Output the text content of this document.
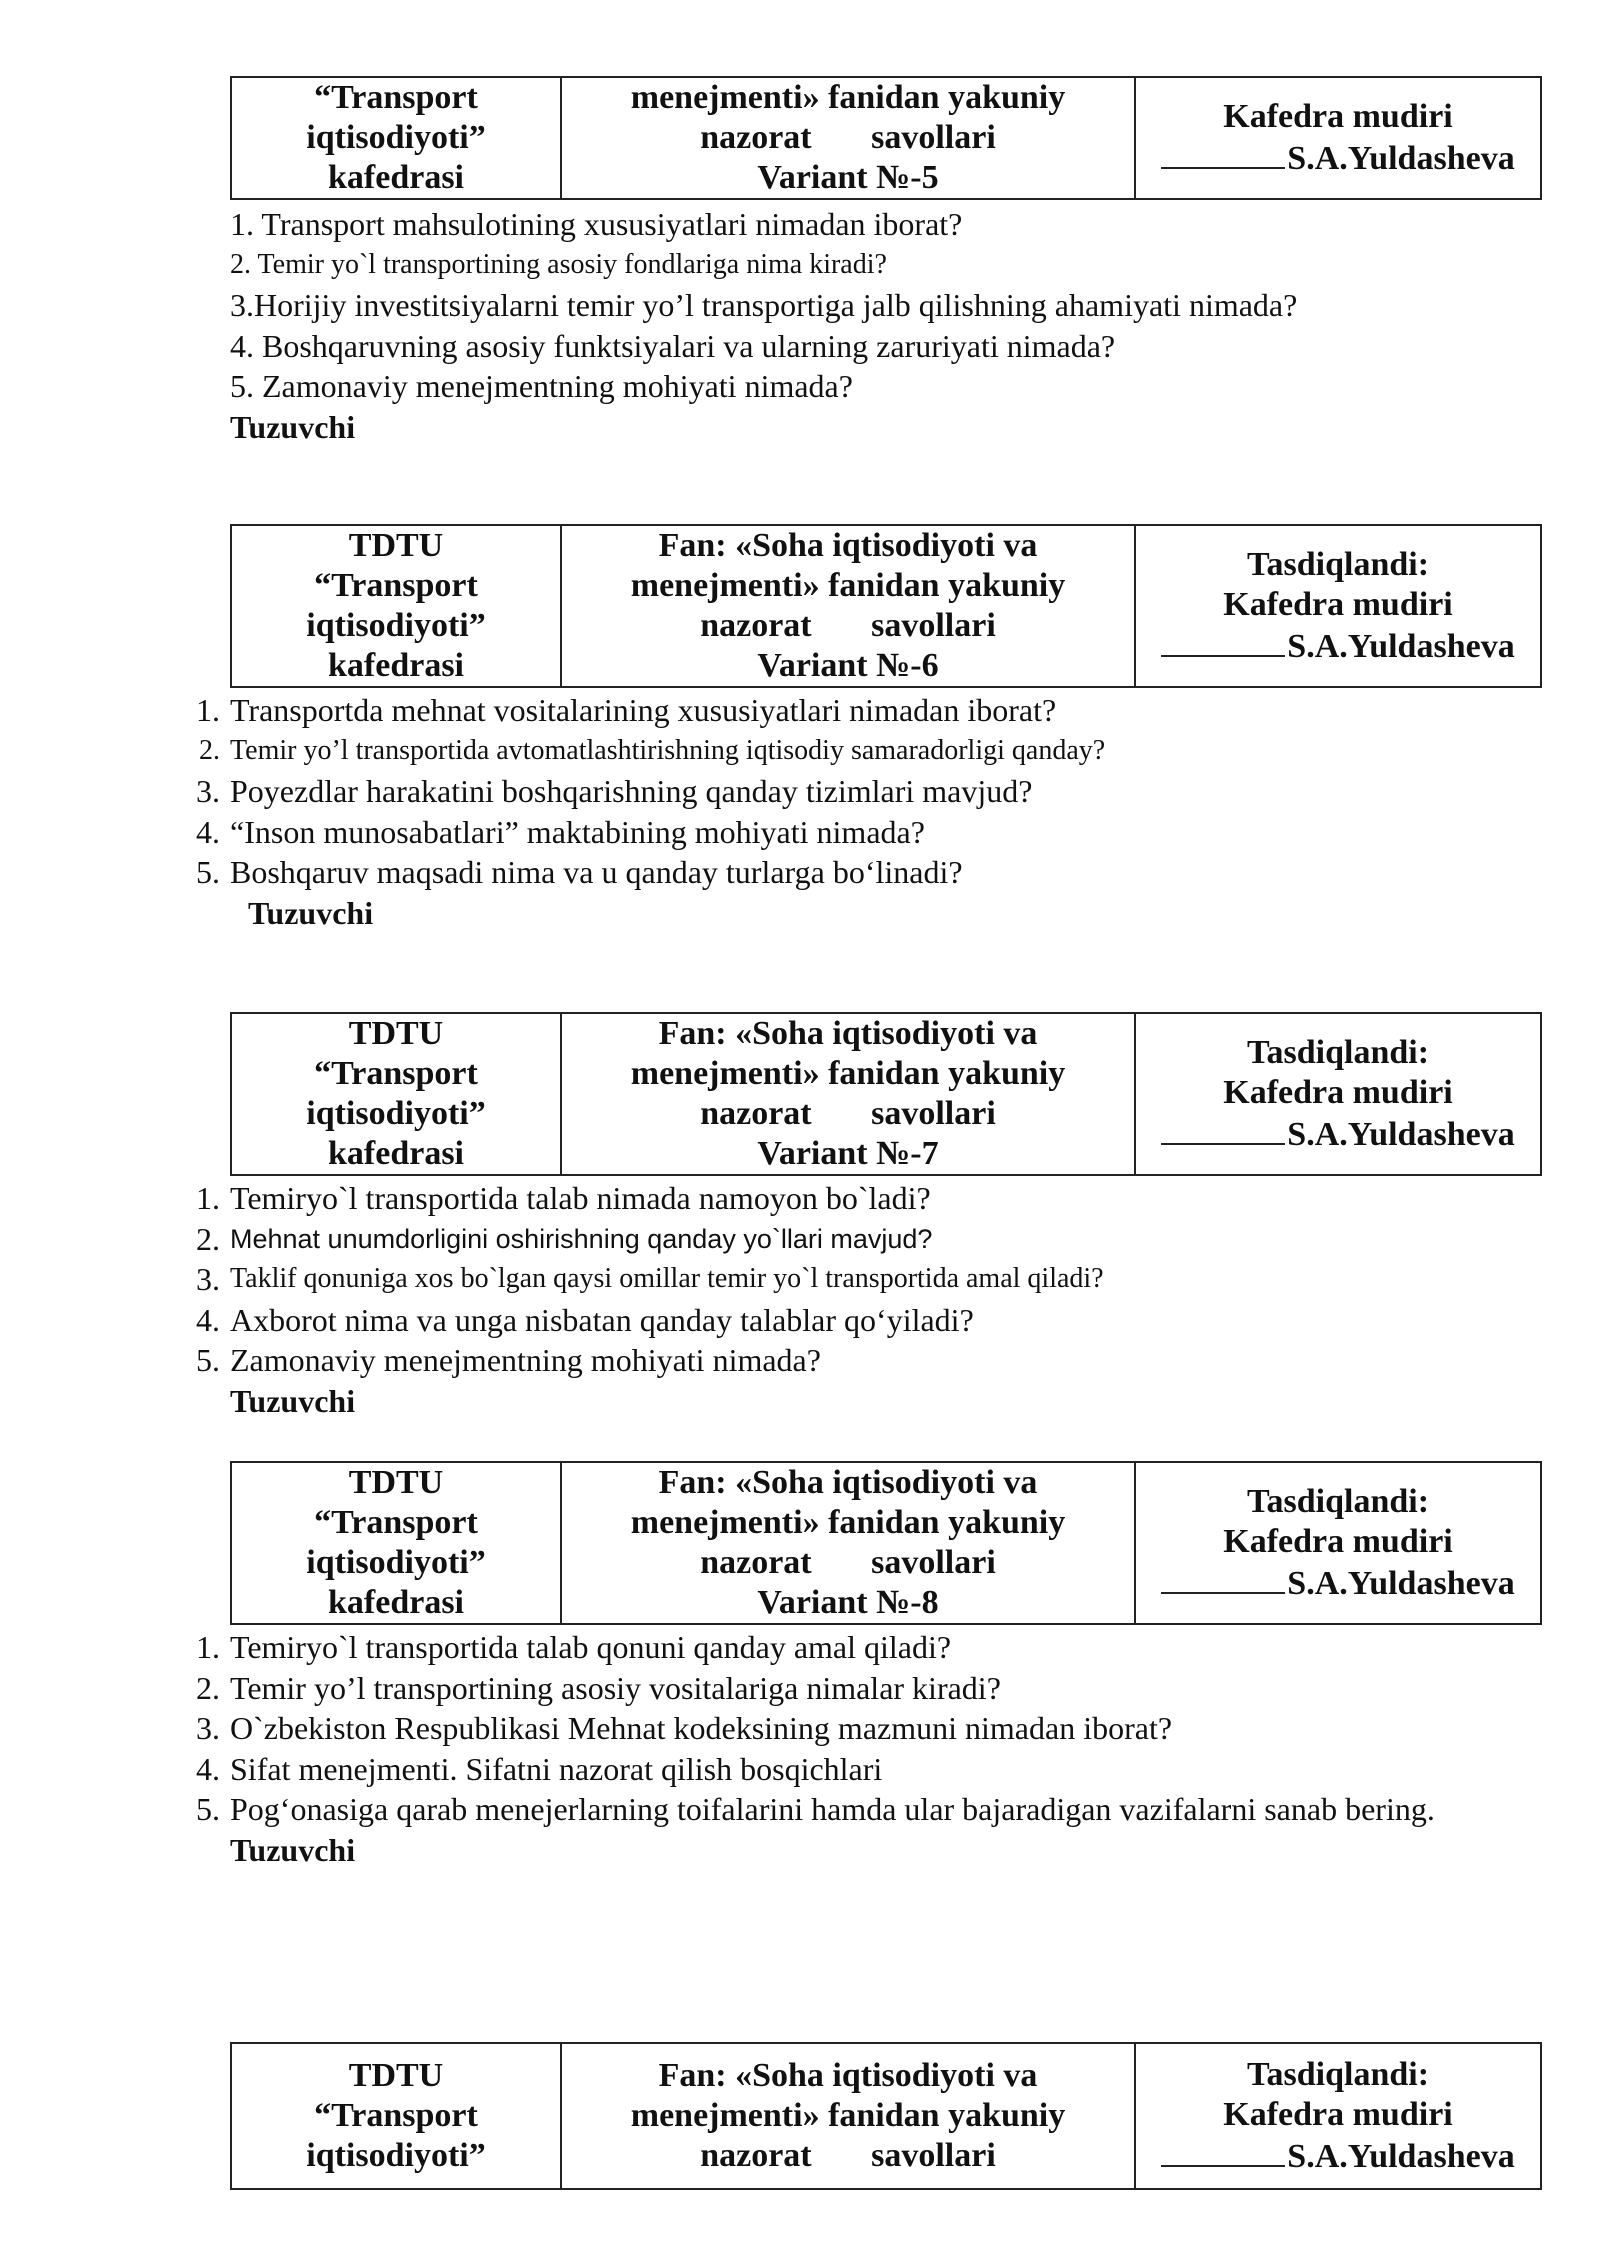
“Transport
iqtisodiyoti”
kafedrasi

menejmenti» fanidan yakuniy
nazorat       savollari
Variant №-5

Kafedra mudiri
S.A.Yuldasheva
1. Transport mahsulotining xususiyatlari nimadan iborat?
2. Temir yo`l transportining asosiy fondlariga nima kiradi?
3.Horijiy investitsiyalarni temir yo’l transportiga jalb qilishning ahamiyati nimada?
4. Boshqaruvning asosiy funktsiyalari va ularning zaruriyati nimada?
5. Zamonaviy menejmentning mohiyati nimada?
Tuzuvchi
TDTU
“Transport
iqtisodiyoti”
kafedrasi

Fan: «Soha iqtisodiyoti va
menejmenti» fanidan yakuniy
nazorat       savollari
Variant №-6

Tasdiqlandi:
Kafedra mudiri
S.A.Yuldasheva
1. Transportda mehnat vositalarining xususiyatlari nimadan iborat?
2. Temir yo’l transportida avtomatlashtirishning iqtisodiy samaradorligi qanday?
3. Poyezdlar harakatini boshqarishning qanday tizimlari mavjud?
4. “Inson munosabatlari” maktabining mohiyati nimada?
5. Boshqaruv maqsadi nima va u qanday turlarga bo‘linadi?
Tuzuvchi
TDTU
“Transport
iqtisodiyoti”
kafedrasi

Fan: «Soha iqtisodiyoti va
menejmenti» fanidan yakuniy
nazorat       savollari
Variant №-7

Tasdiqlandi:
Kafedra mudiri
S.A.Yuldasheva
1. Temiryo`l transportida talab nimada namoyon bo`ladi?
2. Mehnat unumdorligini oshirishning qanday yo`llari mavjud?
3. Taklif qonuniga xos bo`lgan qaysi omillar temir yo`l transportida amal qiladi?
4. Axborot nima va unga nisbatan qanday talablar qo‘yiladi?
5. Zamonaviy menejmentning mohiyati nimada?
Tuzuvchi
TDTU
“Transport
iqtisodiyoti”
kafedrasi

Fan: «Soha iqtisodiyoti va
menejmenti» fanidan yakuniy
nazorat       savollari
Variant №-8

Tasdiqlandi:
Kafedra mudiri
S.A.Yuldasheva
1. Temiryo`l transportida talab qonuni qanday amal qiladi?
2. Temir yo’l transportining asosiy vositalariga nimalar kiradi?
3. O`zbekiston Respublikasi Mehnat kodeksining mazmuni nimadan iborat?
4. Sifat menejmenti. Sifatni nazorat qilish bosqichlari
5. Pog‘onasiga qarab menejerlarning toifalarini hamda ular bajaradigan vazifalarni sanab bering.
Tuzuvchi
TDTU
“Transport
iqtisodiyoti”

Fan: «Soha iqtisodiyoti va
menejmenti» fanidan yakuniy
nazorat       savollari

Tasdiqlandi:
Kafedra mudiri
S.A.Yuldasheva
